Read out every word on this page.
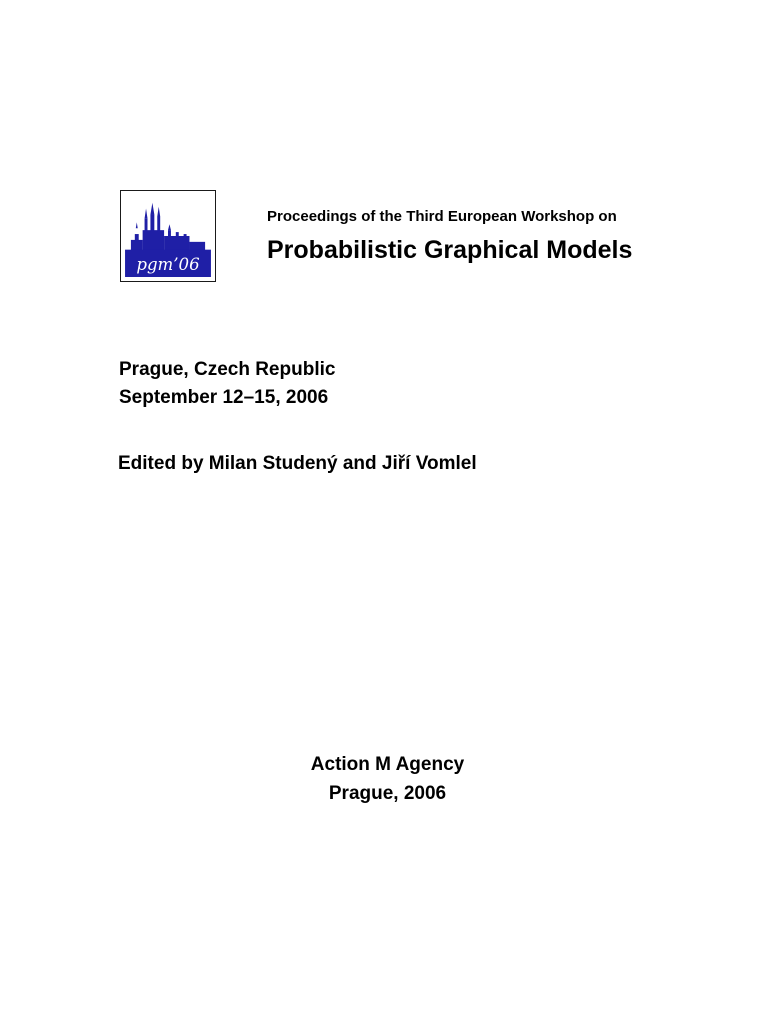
pgm’06
Proceedings of the Third European Workshop on
Probabilistic Graphical Models
Prague, Czech Republic
September 12–15, 2006
Edited by Milan Studený and Jiří Vomlel
Action M Agency
Prague, 2006
